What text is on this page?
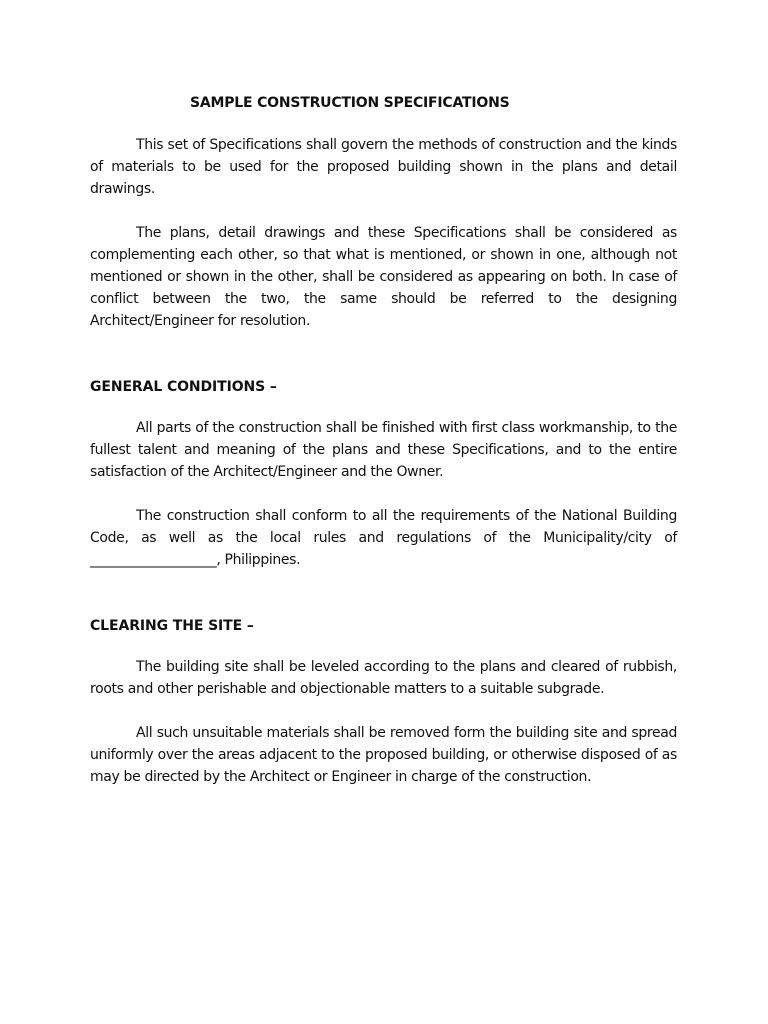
SAMPLE CONSTRUCTION SPECIFICATIONS

This set of Specifications shall govern the methods of construction and the kinds of materials to be used for the proposed building shown in the plans and detail drawings.

The plans, detail drawings and these Specifications shall be considered as complementing each other, so that what is mentioned, or shown in one, although not mentioned or shown in the other, shall be considered as appearing on both. In case of conflict between the two, the same should be referred to the designing Architect/Engineer for resolution.

GENERAL CONDITIONS –

All parts of the construction shall be finished with first class workmanship, to the fullest talent and meaning of the plans and these Specifications, and to the entire satisfaction of the Architect/Engineer and the Owner.

The construction shall conform to all the requirements of the National Building Code, as well as the local rules and regulations of the Municipality/city of ___________________, Philippines.

CLEARING THE SITE –

The building site shall be leveled according to the plans and cleared of rubbish, roots and other perishable and objectionable matters to a suitable subgrade.

All such unsuitable materials shall be removed form the building site and spread uniformly over the areas adjacent to the proposed building, or otherwise disposed of as may be directed by the Architect or Engineer in charge of the construction.
